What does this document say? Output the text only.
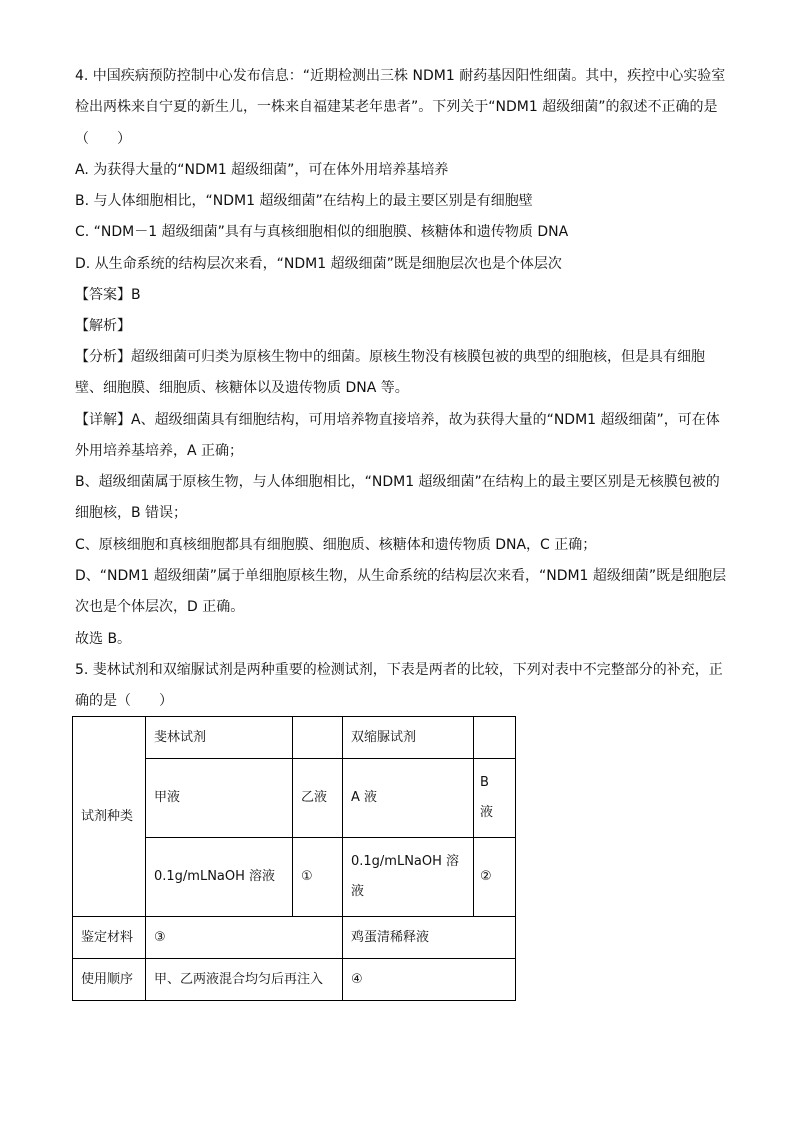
4. 中国疾病预防控制中心发布信息：“近期检测出三株 NDM1 耐药基因阳性细菌。其中，疾控中心实验室
检出两株来自宁夏的新生儿，一株来自福建某老年患者”。下列关于“NDM1 超级细菌”的叙述不正确的是
（　　）
A. 为获得大量的“NDM1 超级细菌”，可在体外用培养基培养
B. 与人体细胞相比，“NDM1 超级细菌”在结构上的最主要区别是有细胞壁
C. “NDM－1 超级细菌”具有与真核细胞相似的细胞膜、核糖体和遗传物质 DNA
D. 从生命系统的结构层次来看，“NDM1 超级细菌”既是细胞层次也是个体层次
【答案】B
【解析】
【分析】超级细菌可归类为原核生物中的细菌。原核生物没有核膜包被的典型的细胞核，但是具有细胞
壁、细胞膜、细胞质、核糖体以及遗传物质 DNA 等。
【详解】A、超级细菌具有细胞结构，可用培养物直接培养，故为获得大量的“NDM1 超级细菌”，可在体
外用培养基培养，A 正确；
B、超级细菌属于原核生物，与人体细胞相比，“NDM1 超级细菌”在结构上的最主要区别是无核膜包被的
细胞核，B 错误；
C、原核细胞和真核细胞都具有细胞膜、细胞质、核糖体和遗传物质 DNA，C 正确；
D、“NDM1 超级细菌”属于单细胞原核生物，从生命系统的结构层次来看，“NDM1 超级细菌”既是细胞层
次也是个体层次，D 正确。
故选 B。
5. 斐林试剂和双缩脲试剂是两种重要的检测试剂，下表是两者的比较，下列对表中不完整部分的补充，正
确的是（　　）
试剂种类	斐林试剂		双缩脲试剂	
	甲液	乙液	A 液	B
液

	0.1g/mLNaOH 溶液	①	0.1g/mLNaOH 溶
液	②
鉴定材料	③		鸡蛋清稀释液	
使用顺序	甲、乙两液混合均匀后再注入		④	
